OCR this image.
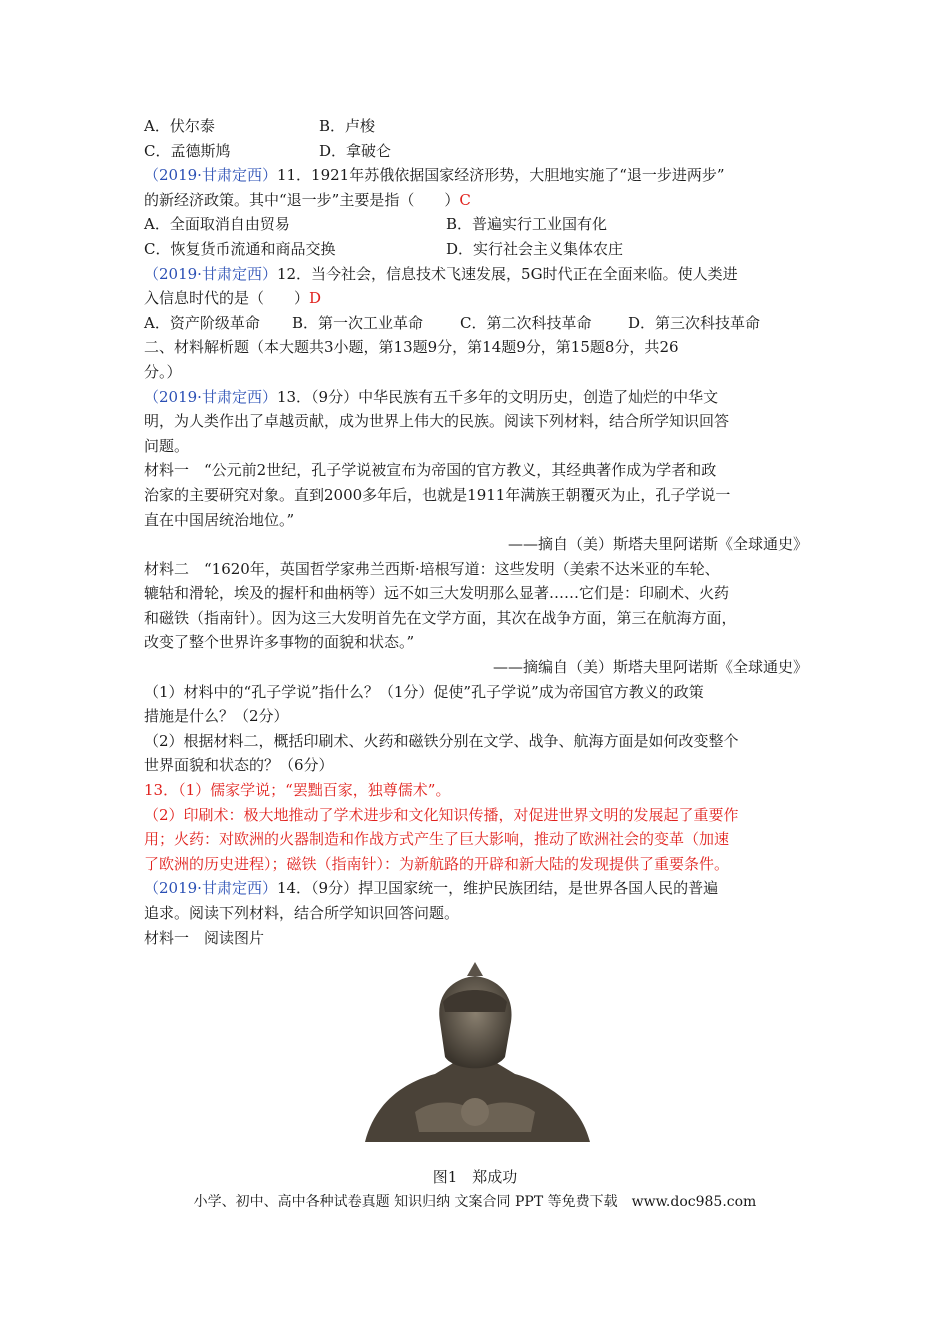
A．伏尔泰	B．卢梭
C．孟德斯鸠	D．拿破仑
（2019·甘肃定西）11．1921年苏俄依据国家经济形势，大胆地实施了“退一步进两步”
的新经济政策。其中“退一步”主要是指（　　）C
A．全面取消自由贸易	B．普遍实行工业国有化
C．恢复货币流通和商品交换	D．实行社会主义集体农庄
（2019·甘肃定西）12．当今社会，信息技术飞速发展，5G时代正在全面来临。使人类进
入信息时代的是（　　）D
A．资产阶级革命 B．第一次工业革命 C．第二次科技革命 D．第三次科技革命
二、材料解析题（本大题共3小题，第13题9分，第14题9分，第15题8分，共26
分。）
（2019·甘肃定西）13．（9分）中华民族有五千多年的文明历史，创造了灿烂的中华文
明，为人类作出了卓越贡献，成为世界上伟大的民族。阅读下列材料，结合所学知识回答
问题。
材料一　“公元前2世纪，孔子学说被宣布为帝国的官方教义，其经典著作成为学者和政
治家的主要研究对象。直到2000多年后，也就是1911年满族王朝覆灭为止，孔子学说一
直在中国居统治地位。”
——摘自（美）斯塔夫里阿诺斯《全球通史》
材料二　“1620年，英国哲学家弗兰西斯·培根写道：这些发明（美索不达米亚的车轮、
辘轱和滑轮，埃及的握杆和曲柄等）远不如三大发明那么显著……它们是：印刷术、火药
和磁铁（指南针）。因为这三大发明首先在文学方面，其次在战争方面，第三在航海方面，
改变了整个世界许多事物的面貌和状态。”
——摘编自（美）斯塔夫里阿诺斯《全球通史》
（1）材料中的“孔子学说”指什么？（1分）促使”孔子学说”成为帝国官方教义的政策
措施是什么？（2分）
（2）根据材料二，概括印刷术、火药和磁铁分别在文学、战争、航海方面是如何改变整个
世界面貌和状态的？（6分）
13．（1）儒家学说；“罢黜百家，独尊儒术”。
（2）印刷术：极大地推动了学术进步和文化知识传播，对促进世界文明的发展起了重要作
用；火药：对欧洲的火器制造和作战方式产生了巨大影响，推动了欧洲社会的变革（加速
了欧洲的历史进程）；磁铁（指南针）：为新航路的开辟和新大陆的发现提供了重要条件。
（2019·甘肃定西）14．（9分）捍卫国家统一，维护民族团结，是世界各国人民的普遍
追求。阅读下列材料，结合所学知识回答问题。
材料一　阅读图片
图1　郑成功
小学、初中、高中各种试卷真题 知识归纳 文案合同 PPT 等免费下载　www.doc985.com
